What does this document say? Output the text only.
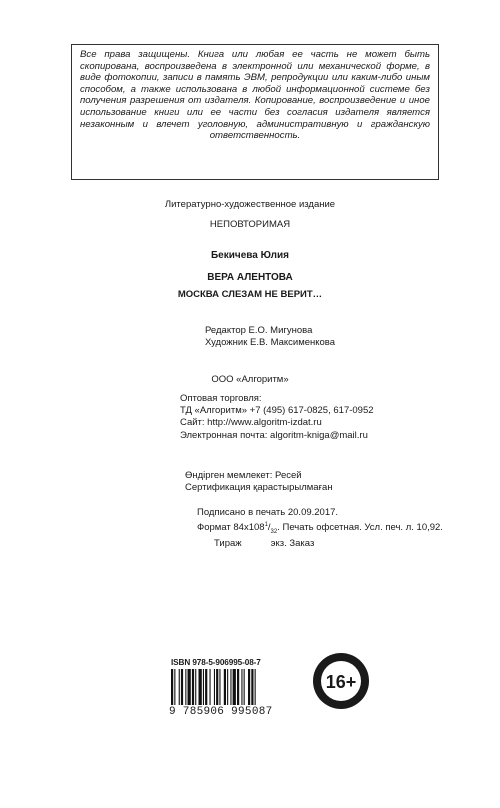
Все права защищены. Книга или любая ее часть не может быть скопирована, воспроизведена в электронной или механической форме, в виде фотокопии, записи в память ЭВМ, репродукции или каким-либо иным способом, а также использована в любой информационной системе без получения разрешения от издателя. Копирование, воспроизведение и иное использование книги или ее части без согласия издателя является незаконным и влечет уголовную, административную и гражданскую ответственность.
Литературно-художественное издание
НЕПОВТОРИМАЯ
Бекичева Юлия
ВЕРА АЛЕНТОВА
МОСКВА СЛЕЗАМ НЕ ВЕРИТ…
Редактор Е.О. Мигунова
Художник Е.В. Максименкова
ООО «Алгоритм»
Оптовая торговля:
ТД «Алгоритм» +7 (495) 617-0825, 617-0952
Сайт: http://www.algoritm-izdat.ru
Электронная почта: algoritm-kniga@mail.ru
Өндірген мемлекет: Ресей
Сертификация қарастырылмаған
Подписано в печать 20.09.2017.
Формат $84х108^1/_{32}$. Печать офсетная. Усл. печ. л. 10,92.
Тираж           экз. Заказ
ISBN 978-5-906995-08-7
9 785906 995087
16+
